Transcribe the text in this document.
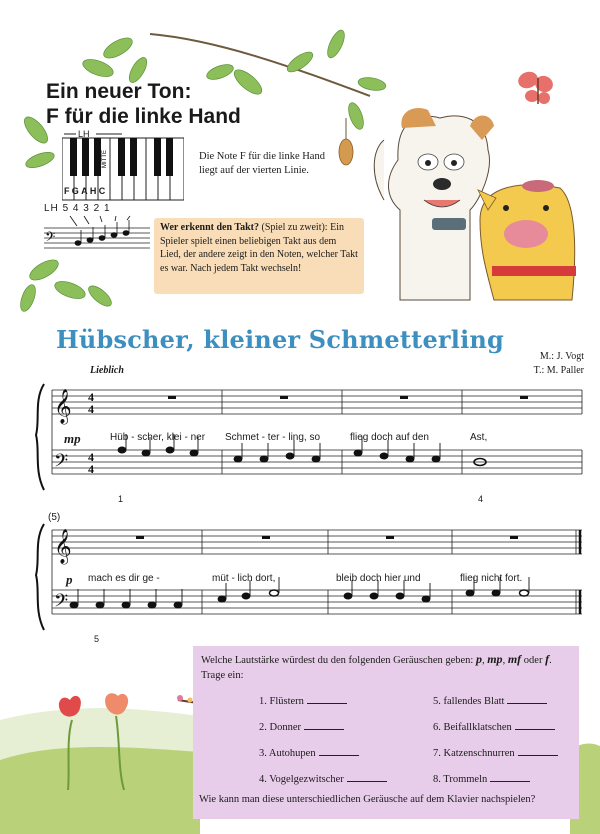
Ein neuer Ton:
F für die linke Hand
MITTE
LH
FGAHC
Die Note F für die linke Hand liegt auf der vierten Linie.
LH 5 4 3 2 1
𝄢
Wer erkennt den Takt? (Spiel zu zweit): Ein Spieler spielt einen beliebigen Takt aus dem Lied, der andere zeigt in den Noten, welcher Takt es war. Nach jedem Takt wechseln!
Hübscher, kleiner Schmetterling
M.: J. Vogt
T.: M. Paller
Lieblich
𝄞
𝄢
4
4
4
4
mp	Hüb - scher, klei - ner Schmet - ter - ling, so	flieg doch auf den	Ast,
1	4
(5)
𝄞
𝄢
p mach es dir ge -	müt - lich dort,	bleib doch hier und	flieg nicht fort.
5
Welche Lautstärke würdest du den folgenden Geräuschen geben: p, mp, mf oder f. Trage ein:
1. Flüstern
2. Donner
3. Autohupen
4. Vogelgezwitscher
5. fallendes Blatt
6. Beifallklatschen
7. Katzenschnurren
8. Trommeln
Wie kann man diese unterschiedlichen Geräusche auf dem Klavier nachspielen?
